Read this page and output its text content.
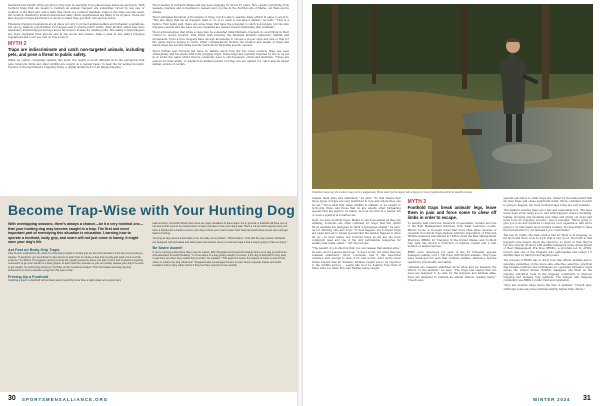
mentioned his height off the ground so they may be required to be placed deep inside an enclosure. With foothold traps that are meant to restrain an animal, trappers are sometimes forced by law size or location or dry land sets, and a daily trap check is a common mandate. Cage or live traps are also used, but location, mandatory animal removal and daily check requirements are likely to be in place. There are also dog-proof traps and there's so much so many they get their own section below.

Extensive trapping regulations are in place not only to protect animal welfare and furbearer populations, but also to balance opportunities for trappers and to ensure public safety. After all that, states may have mandatory annual trapper surveys and a fur buyer's license for dealing pelts. The reality is that trappers are more regulated than anyone else in the woods and waters. Take a peek at any state's trapping regulations and you'll see rule on rule a few of.

MYTH 2
Traps are indiscriminate and catch non-targeted animals, including pets, and pose a threat to public safety.

While we cannot completely debunk this myth, the reality is much different from the perception that pets, livestock, birds and other wildlife are caught on a regular basis. To hear the fur animal biologist, founder of the Sportsmen's Trapping Today, a digital middle hub for all things trapping.

Wood resides in northern Maine and has been trapping for about 25 years. He's caught everything from weasels, martens and wolverines to beavers and coyotes in the Northwoods of Maine, out West and in Alaska.

Wood estimates hundreds of thousands of traps, but it's safe to assume many efforts in place to avoid it. "The last thing that we as trappers want to do is to catch a non-target animal," he adds. "That is a failure. That being said, there are some traps that have the potential to catch non-targets, but the way trappers operate and the ways we are regulated are geared toward minimizing that potential."

Wood acknowledges that while a cage may be somewhat indiscriminate, trappers do everything in their control to reduce bycatch. This starts with knowing the intended animal's behaviors, habitat and movements. Even novice trappers have enough knowledge to choose a proper style and size of trap for the game they're hoping to catch. Other considerations include the location and height of traps and where traps are set and using specific methods for targeting specific species.

Wood further says through the issue by talking about how the two most common traps are used strategically and his states with body-gripping traps. These traps are typically required by law to be set in or under the water where they're commonly used to catch beavers, otters and muskrats. "Those are geared for their ability to dispatch an animal quickly, but they are not geared for, catch anyone target animal outside of certain.

Become Trap-Wise with Your Hunting Dog
With overlapping seasons, there's always a chance—be it a very minimal one—that your hunting dog may become caught in a trap. The first and most important part of remedying this situation is education. Learning how to operate a foothold, body grip, and snare will not just come in handy, it might save your dog's life.
Act Fast on Body-Grip Traps

Clay Creech emphasizes the odds of a dog being caught in a body grip are low, but education is the key to preventing a tragedy. "It would be very beneficial for dog owners to learn how to release a dog from a body grip where time is of the essence," he affirms. He suggests getting to know the trapping seasons where you plan to hunt and to attend a trapping convention to get your hands on a body gripper to learn how they operate so you can quickly release your dog if he were to get caught. He points dog owners to YouTube on the mentioned subject. Their first videos and step-by-step instructions on how to release a dog from this type of trap.

Freeing Up a Foothold

Catching a paw in a foothold will not likely lead to anything more than a slight delay and a good story

back at camp. Jeremiah Wood notes there are many variations to these traps, but in general, a foothold will have one or two levers that need to be pushed down to open the jaws to free your dog's paw. There's not as much urgency here, but have a buddy land a hand to secure your dog or throw your coat to cover their head and push those levers open and get back to hunting.

"As long as dog owners know what to do, it's really not a problem," Wood shares. "And with the way modern footholds are designed with laminated and offset jaws and swivels, there's a minimal chance that a dog is going to have an injury."

Be Snare Aware!

If you're running a dog where there may be snares, Rick Sheppard recommends knowing where your dog is at all times and advocates for leash breaking. "In most cases of a dog getting caught in a snare, if the dog is held still it's very easy to get them out when they realize they're stuck," he explains. "This gives the hunter the chance to come in and cut the snare or release the dog unharmed." Sheppard also encourages hunters to learn how to operate snares and cable restraints and to carry cable cutters if they feel they need to cut one quickly.

30 SPORTSMENSALLIANCE.ORG
Cheshire's fierce tug: the modern snare set in a dogged way. Photo taken by the trapper with a dog out of cover if applicable and for its specific purpose.

release them alive and unharmed," he adds. "So that means that those types of traps are very restricted in how and where they can be set." Wood adds that when wildlife is unlikely to be caught in body-grip traps, and those that do are usually other furbearing species that are legal to be taken, such as an otter in a beaver set or even a squirrel in a marten set.

Next, we have foothold traps. Meant to catch an animal as they are walking, footholds are often confused for traps that kill, which Wood explains are designed to catch a non-target animal," he says. As for catching cats and dogs: "It does happen, but foothold traps are sized and set to target species that the animal trapped is often let go... In most states, the foothold traps by far are the most commonly used and one of the only permissible categories for setting near trails, water..." Mr. Wood notes.

"The benefit of a foothold is that you can release that animal alive," he says. As for seasons and dogs: "A dog's worst, but when they are released unharmed," Wood concludes. And if this anecdotal evidence isn't enough to sign of its own words, don't worry, most states require that all domestic animals caught are to be reported to the wildlife service ... seems like we'd be hearing from them if there were too many Fido and Fluffies being caught.

MYTH 3
Foothold traps break animals' legs, leave them in pain and force some to chew off limbs in order to escape.

To develop best practices, hundreds of specialists, founder and one of the Best Management Practices from Saint Lawrence county, Illinois Coons, a biologist noted that more than three decades of research in foothold traps designs with the Association of Fish and Wildlife Agencies was started in 1996 to draft the Best Management Practices (BMPs) for Trapping in the United States, and foothold trap data has shown a reduction of injuries overall and a vast number of animal species.

BMPs were developed for each of the 23 furbearer species managed, testing over 1,700 traps with 60,000 animals. Trap types were developed for each that optimize welfare, efficiency, species specificity, practicality, and safety.

"Animals are released unharmed more often and we measure the effects on the animals," he says. "The traps and snares that are used are designed to be safe for the trappers and animals alike. They are designed to restrain an animal without causing injury," Creech says.

general ignorance to what traps are, fueled by the false belief that all steel traps will cause significant harm. We're confident bycatch is going to happen, but most foothold traps today are very humane.

This balance ensures traps are a fair and reasonable tool, "We have never been stuck using a tool, and with trappers, there's modeling, testing, studying and modeling new traps and giving out more and more tools for trapping success," says a biologist. "We're going to give you tools and solutions to improve your experience, and we're going to do that based upon modern welfare. It's important to have the best interest for our animals to be comfortable."

The law by rights, the best science has for them is in trapping, so far more and more tools do a job that is very good. The truth is that trappers care deeply about the resource, so much so that they've become directly involved with wildlife managers in the development of Best Management Practices (BMPs), a program led by AFWA. Creech was one of the trappers who participated and tested 1.5 wildlife traps by hand in the trapping tests.

The purpose of BMPs was to study how trap effects animals and to generate guidelines on the more safe, effective, selective, practical and humane methods and techniques for operating furbearer traps across the United States. Wildlife managers use them as the ongoing education tools in the trapping community to improve trapping and humane trap methods. The trapper and trapping community use BMPs to build trust and reputation.

"Very few modern traps injure the feet of animals," Creech says, "although some may have minimal slightly higher than others."

WINTER 2024 31
